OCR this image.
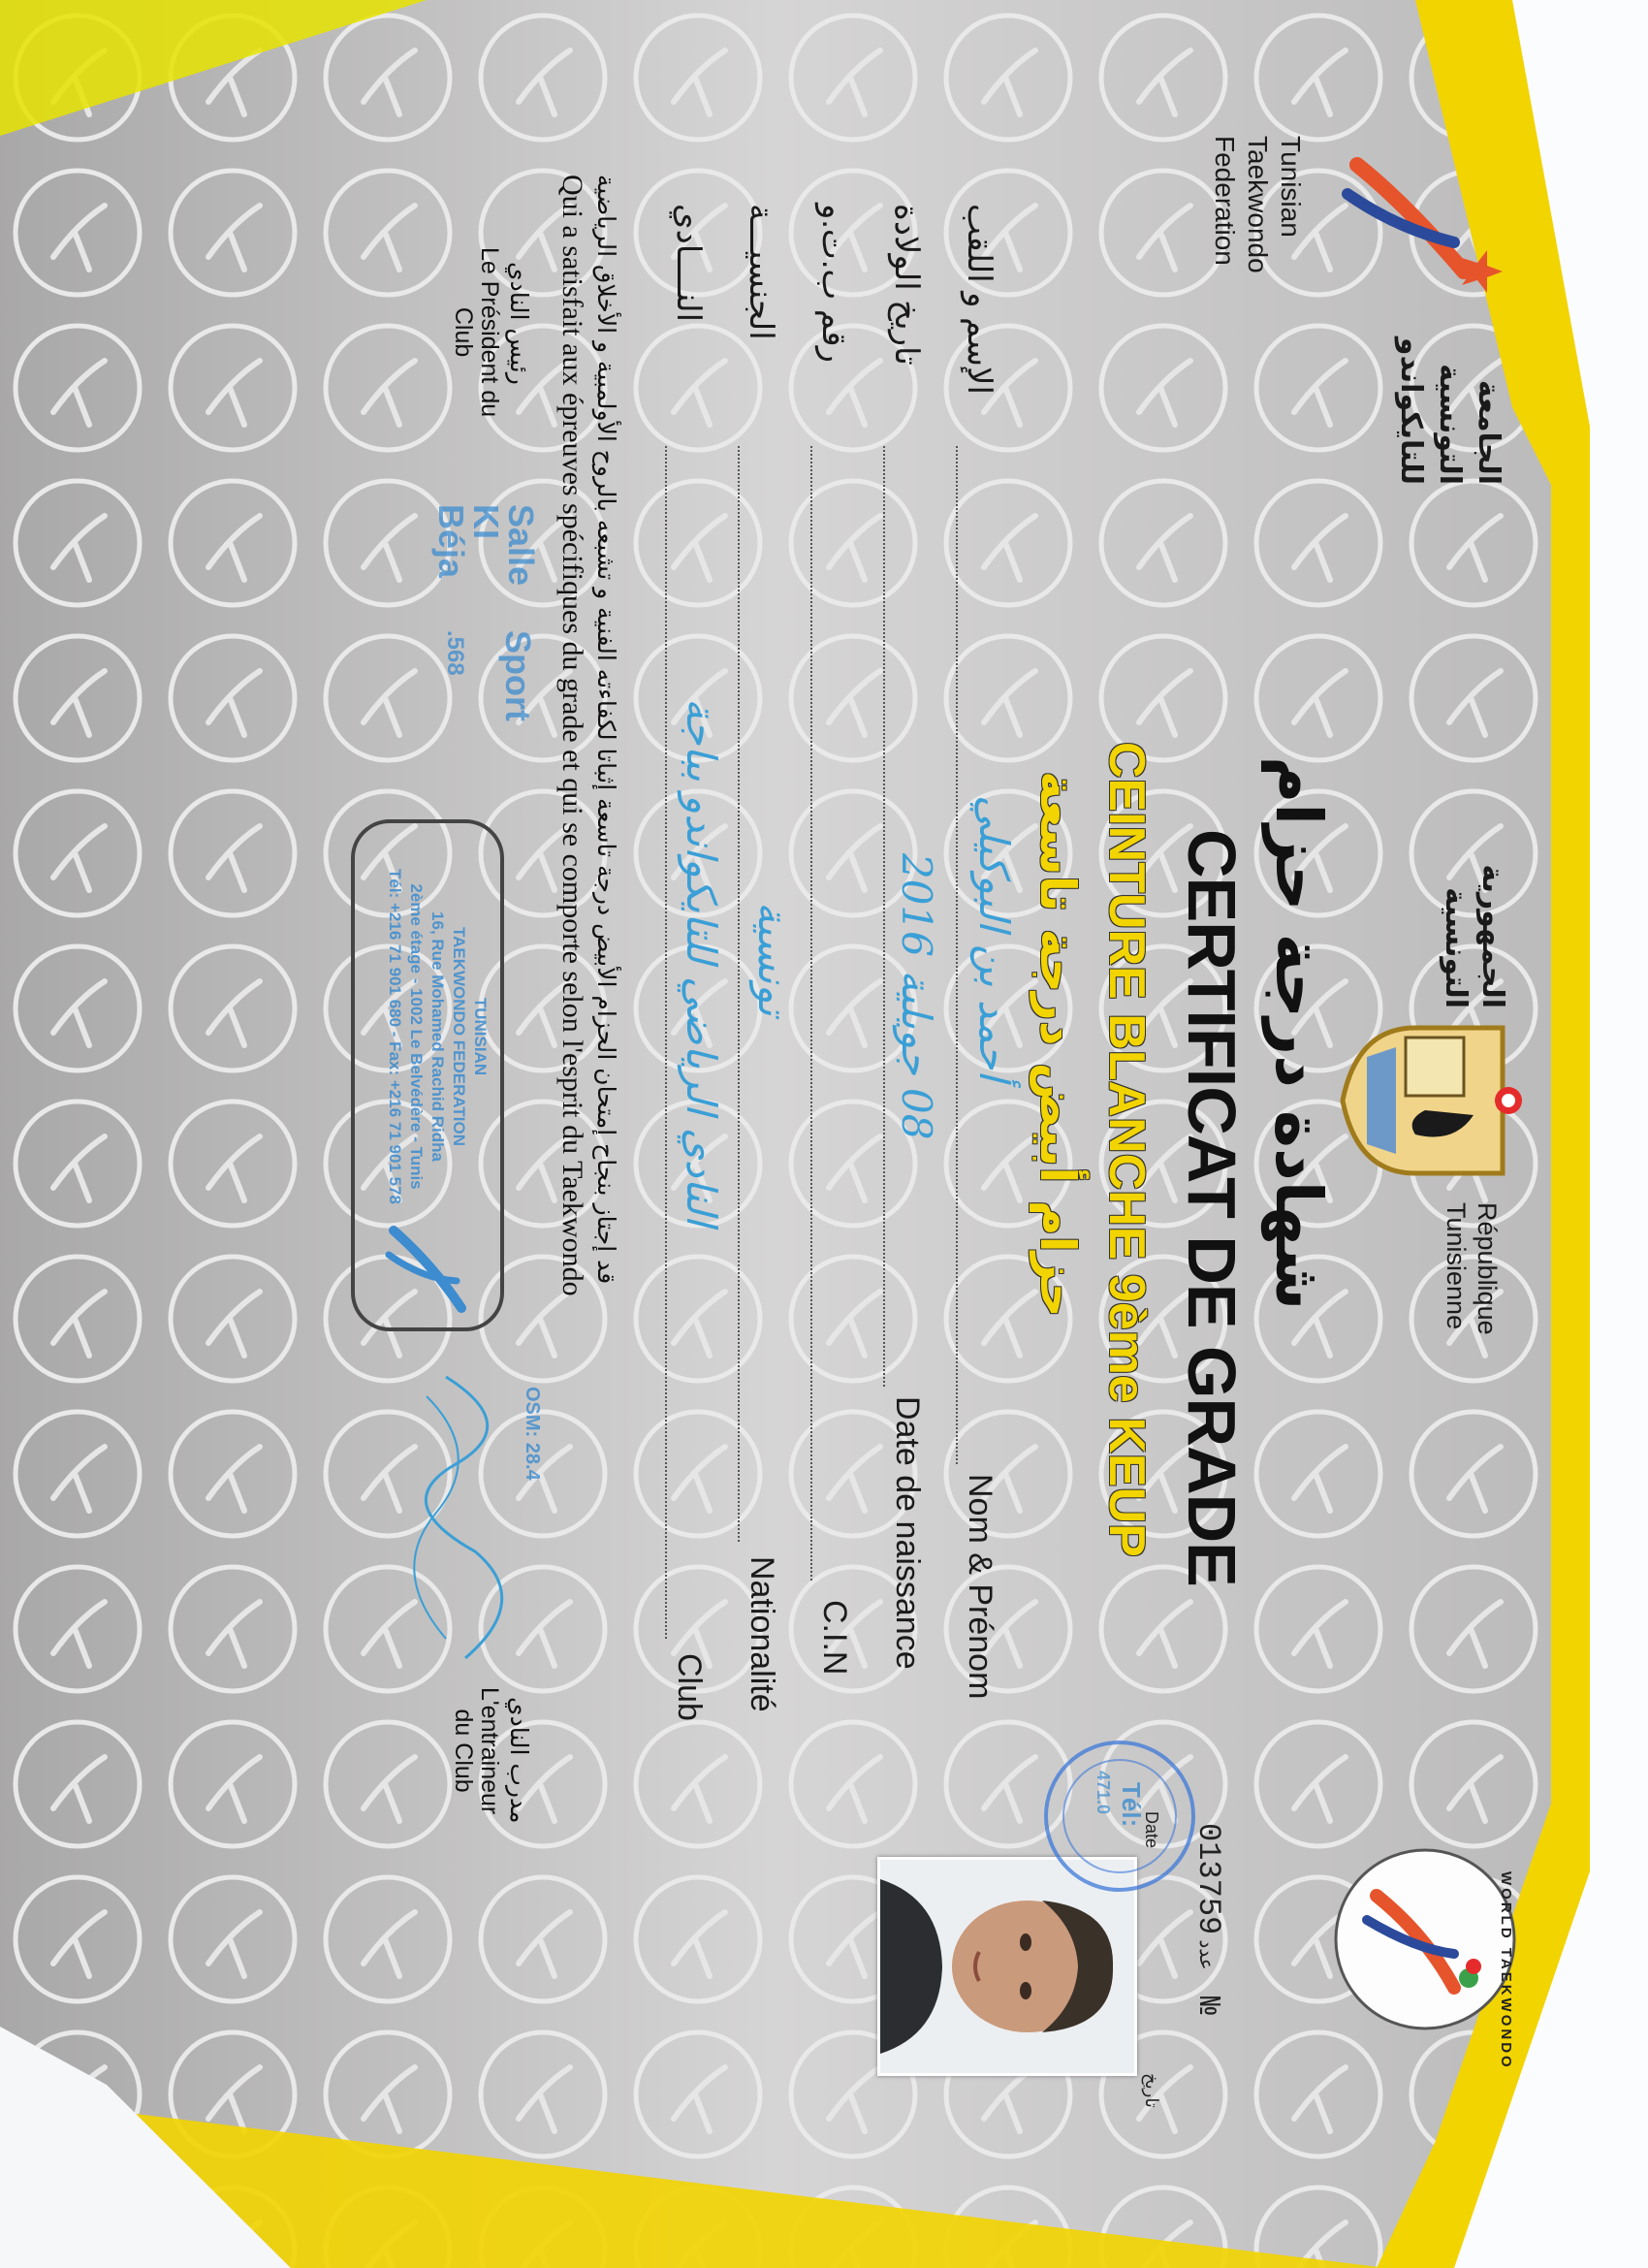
الجامعة
التونسية
للتايكواندو
Tunisian
Taekwondo
Federation
الجمهورية
التونسية
République
Tunisienne
WORLD TAEKWONDO
شهادة درجة حزام
CERTIFICAT DE GRADE
CEINTURE BLANCHE 9ème KEUP
حزام أبيض درجة تاسعة
تاريخ
Date
عدد 013759 №
Tél:
471.0
الإسم و اللقب
أحمد بن البوكيلي
Nom & Prénom
تاريخ الولادة
08 جويلية 2016
Date de naissance
رقم ب.ت.و
C.I.N
الجنسيـــة
تونسية
Nationalité
النــــادي
النادي الرياضي للتايكواندو بباجة
Club
قد إجتاز بنجاح إمتحان الحزام الأبيض درجة تاسعة إثباتا لكفاءته الفنية و تشبعه بالروح الأولمبية و الأخلاق الرياضية
Qui a satisfait aux épreuves spécifiques du grade et qui se comporte selon l'esprit du Taekwondo
رئيس النادي
Le Président du
Club
مدرب النادي
L'entraineur
du Club
Salle
KI
Béja
Sport
.568
TUNISIAN
TAEKWONDO FEDERATION
16, Rue Mohamed Rachid Ridha
2ème étage - 1002 Le Belvédère - Tunis
Tél: +216 71 901 680 - Fax: +216 71 901 578
OSM: 28.4
